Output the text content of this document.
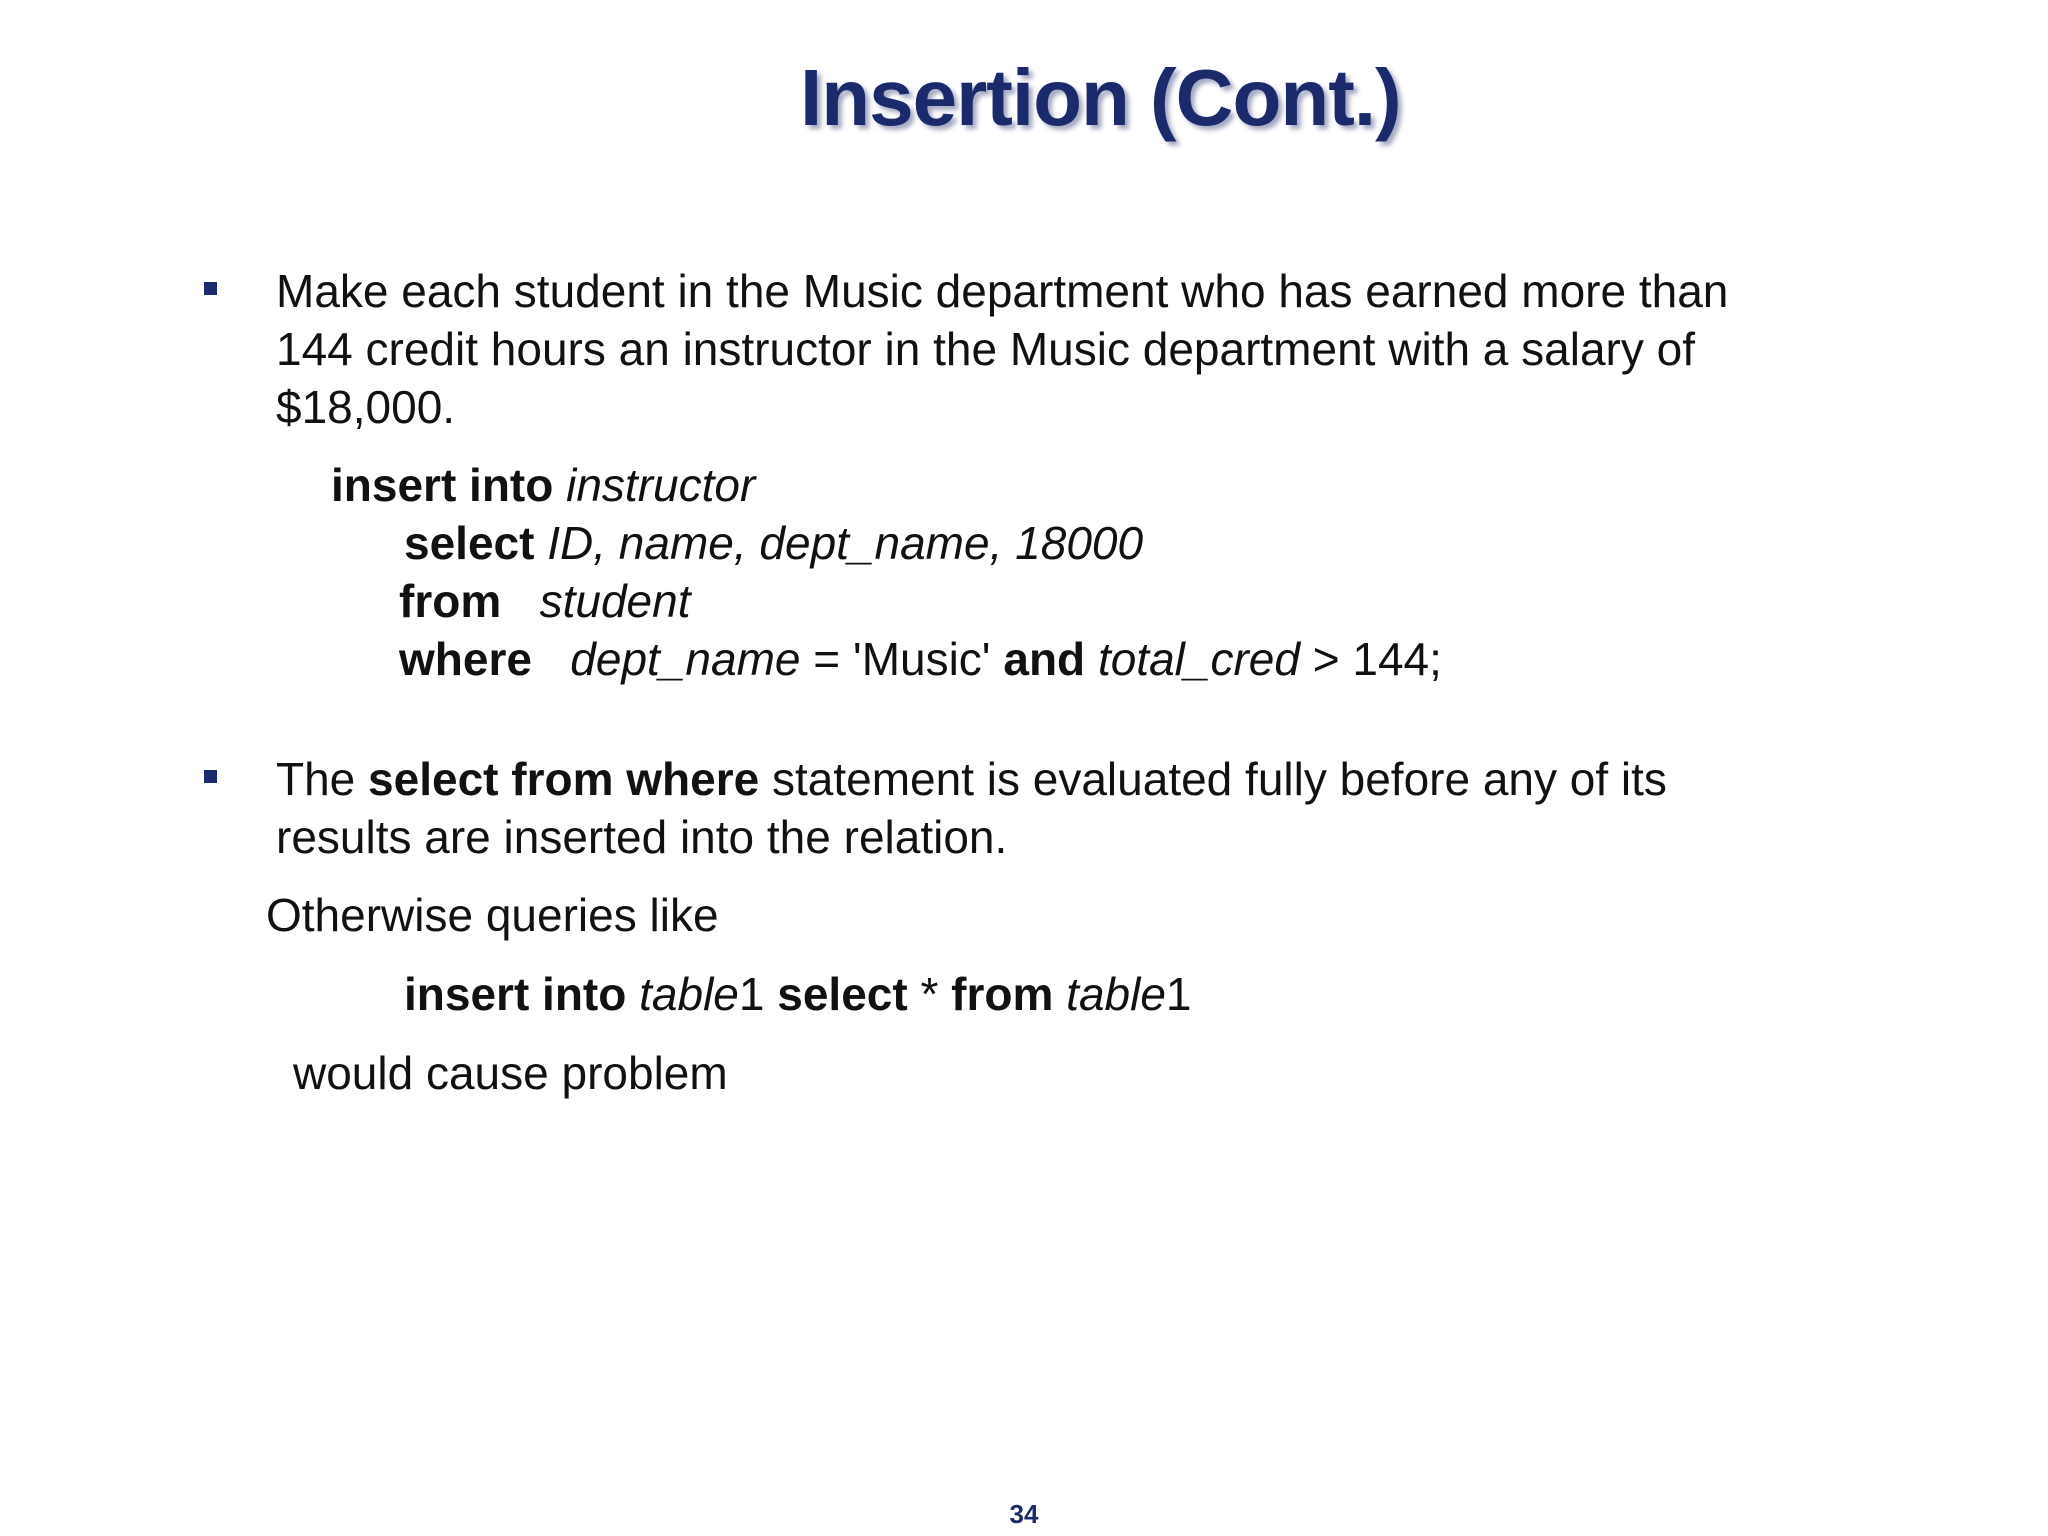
Insertion (Cont.)
Make each student in the Music department who has earned more than
144 credit hours an instructor in the Music department with a salary of
$18,000.
insert into instructor
select ID, name, dept_name, 18000
from student
where dept_name = 'Music' and total_cred > 144;
The select from where statement is evaluated fully before any of its
results are inserted into the relation.
Otherwise queries like
insert into table1 select * from table1
would cause problem
34
